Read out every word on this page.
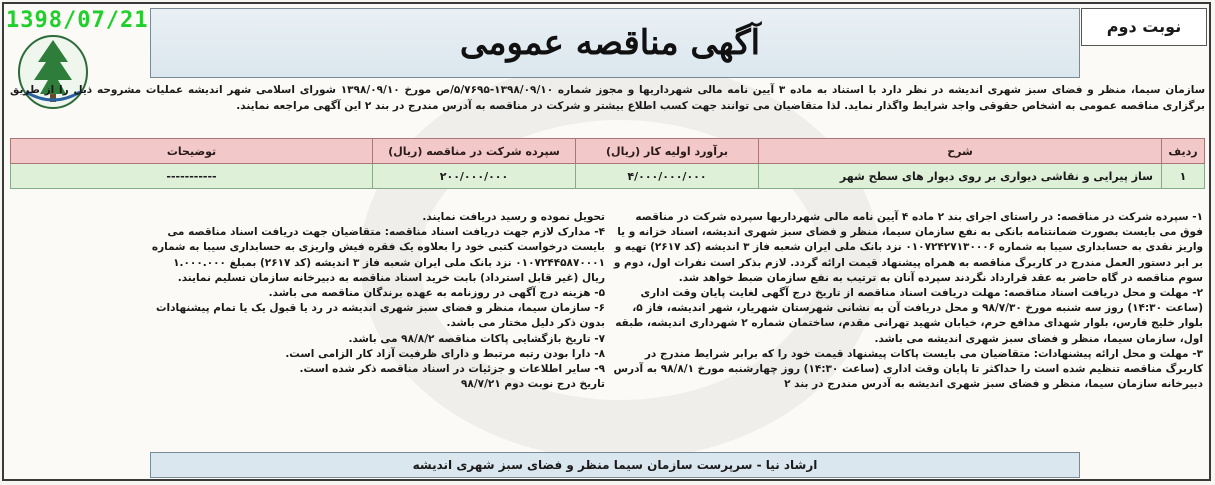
آگهی مناقصه عمومی	نوبت دوم
1398/07/21
سازمان سیما، منظر و فضای سبز شهری اندیشه در نظر دارد با استناد به ماده ۳ آیین نامه مالی شهرداریها و مجوز شماره ۱۳۹۸/۰۹/۱۰-۵/۷۶۹۵/ص مورخ ۱۳۹۸/۰۹/۱۰ شورای اسلامی شهر اندیشه عملیات مشروحه ذیل را از طریق برگزاری مناقصه عمومی به اشخاص حقوقی واجد شرایط واگذار نماید. لذا متقاضیان می توانند جهت کسب اطلاع بیشتر و شرکت در مناقصه به آدرس مندرج در بند ۲ این آگهی مراجعه نمایند.
ردیف	شرح	برآورد اولیه کار (ریال)	سپرده شرکت در مناقصه (ریال)	توضیحات
۱	ساز پیرایی و نقاشی دیواری بر روی دیوار های سطح شهر	۴/۰۰۰/۰۰۰/۰۰۰	۲۰۰/۰۰۰/۰۰۰	-----------

۱- سپرده شرکت در مناقصه: در راستای اجرای بند ۲ ماده ۴ آیین نامه مالی شهرداریها سپرده شرکت در مناقصه فوق می بایست بصورت ضمانتنامه بانکی به نفع سازمان سیما، منظر و فضای سبز شهری اندیشه، اسناد خزانه و یا واریز نقدی به حسابداری سیبا به شماره ۰۱۰۷۲۴۲۷۱۳۰۰۰۶ نزد بانک ملی ایران شعبه فاز ۳ اندیشه (کد ۲۶۱۷) تهیه و بر ابر دستور العمل مندرج در کاربرگ مناقصه به همراه پیشنهاد قیمت ارائه گردد. لازم بذکر است نفرات اول، دوم و سوم مناقصه در گاه حاضر به عقد قرارداد نگردند سپرده آنان به ترتیب به نفع سازمان ضبط خواهد شد.

۲- مهلت و محل دریافت اسناد مناقصه: مهلت دریافت اسناد مناقصه از تاریخ درج آگهی لغایت پایان وقت اداری (ساعت ۱۴:۳۰) روز سه شنبه مورخ ۹۸/۷/۳۰ و محل دریافت آن به نشانی شهرستان شهریار، شهر اندیشه، فاز ۵، بلوار خلیج فارس، بلوار شهدای مدافع حرم، خیابان شهید تهرانی مقدم، ساختمان شماره ۲ شهرداری اندیشه، طبقه اول، سازمان سیما، منظر و فضای سبز شهری اندیشه می باشد.

۳- مهلت و محل ارائه پیشنهادات: متقاضیان می بایست پاکات پیشنهاد قیمت خود را که برابر شرایط مندرج در کاربرگ مناقصه تنظیم شده است را حداکثر تا پایان وقت اداری (ساعت ۱۴:۳۰) روز چهارشنبه مورخ ۹۸/۸/۱ به آدرس دبیرخانه سازمان سیما، منظر و فضای سبز شهری اندیشه به آدرس مندرج در بند ۲

تحویل نموده و رسید دریافت نمایند.

۴- مدارک لازم جهت دریافت اسناد مناقصه: متقاضیان جهت دریافت اسناد مناقصه می بایست درخواست کتبی خود را بعلاوه یک فقره فیش واریزی به حسابداری سیبا به شماره ۰۱۰۷۲۴۴۵۸۷۰۰۰۱ نزد بانک ملی ایران شعبه فاز ۳ اندیشه (کد ۲۶۱۷) بمبلغ ۱.۰۰۰.۰۰۰ ریال (غیر قابل استرداد) بابت خرید اسناد مناقصه به دبیرخانه سازمان تسلیم نمایند.

۵- هزینه درج آگهی در روزنامه به عهده برندگان مناقصه می باشد.

۶- سازمان سیما، منظر و فضای سبز شهری اندیشه در رد یا قبول یک یا تمام پیشنهادات بدون ذکر دلیل مختار می باشد.

۷- تاریخ بازگشایی پاکات مناقصه ۹۸/۸/۲ می باشد.

۸- دارا بودن رتبه مرتبط و دارای ظرفیت آزاد کار الزامی است.

۹- سایر اطلاعات و جزئیات در اسناد مناقصه ذکر شده است.

تاریخ درج نوبت دوم ۹۸/۷/۲۱

ارشاد نیا - سرپرست سازمان سیما منظر و فضای سبز شهری اندیشه
